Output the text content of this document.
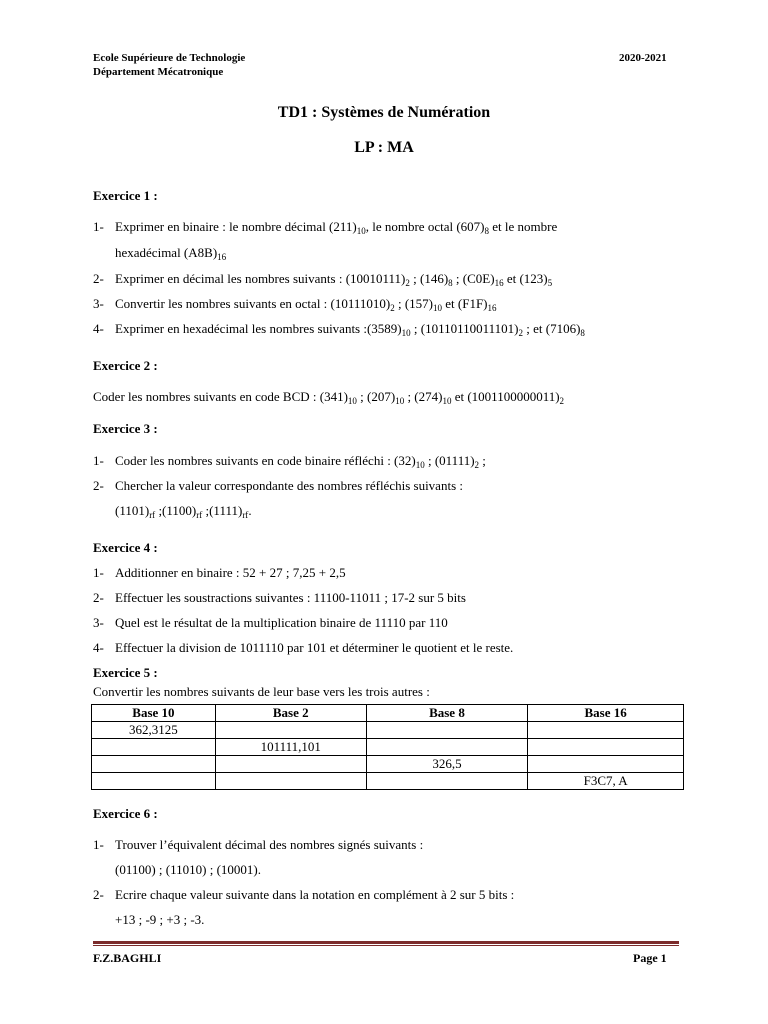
Ecole Supérieure de Technologie
Département Mécatronique
2020-2021
TD1 : Systèmes de Numération
LP : MA
Exercice 1 :
1- Exprimer en binaire : le nombre décimal $(211)_{10}$, le nombre octal $(607)_8$ et le nombre
hexadécimal $(A8B)_{16}$
2- Exprimer en décimal les nombres suivants : $(10010111)_2$ ; $(146)_8$ ; $(C0E)_{16}$ et $(123)_5$
3- Convertir les nombres suivants en octal : $(10111010)_2$ ; $(157)_{10}$ et $(F1F)_{16}$
4- Exprimer en hexadécimal les nombres suivants $:(3589)_{10}$ ; $(10110110011101)_2$ ; et $(7106)_8$
Exercice 2 :
Coder les nombres suivants en code BCD : $(341)_{10}$ ; $(207)_{10}$ ; $(274)_{10}$ et $(1001100000011)_2$
Exercice 3 :
1- Coder les nombres suivants en code binaire réfléchi : $(32)_{10}$ ; $(01111)_2$ ;
2- Chercher la valeur correspondante des nombres réfléchis suivants :
$(1101)_{rf}$ $;(1100)_{rf}$ $;(1111)_{rf}$.
Exercice 4 :
1- Additionner en binaire : 52 + 27 ; 7,25 + 2,5
2- Effectuer les soustractions suivantes : 11100-11011 ; 17-2 sur 5 bits
3- Quel est le résultat de la multiplication binaire de 11110 par 110
4- Effectuer la division de 1011110 par 101 et déterminer le quotient et le reste.
Exercice 5 :
Convertir les nombres suivants de leur base vers les trois autres :
Base 10	Base 2	Base 8	Base 16
362,3125			
	101111,101		
		326,5	
			F3C7, A
Exercice 6 :
1- Trouver l’équivalent décimal des nombres signés suivants :
(01100) ; (11010) ; (10001).
2- Ecrire chaque valeur suivante dans la notation en complément à 2 sur 5 bits :
+13 ; -9 ; +3 ; -3.
F.Z.BAGHLI	Page 1
